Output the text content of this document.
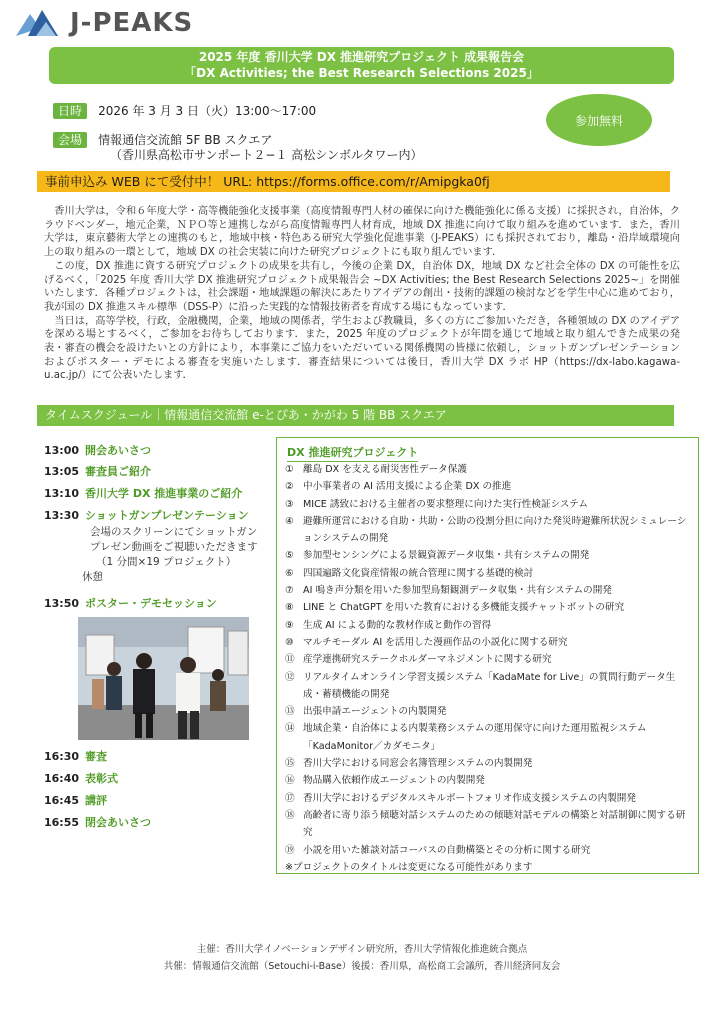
J-PEAKS
2025 年度 香川大学 DX 推進研究プロジェクト 成果報告会
「DX Activities; the Best Research Selections 2025」
日時 2026 年 3 月 3 日（火）13:00〜17:00
会場 情報通信交流館 5F BB スクエア
（香川県高松市サンポート２−１ 高松シンボルタワー内）
参加無料
事前申込み WEB にて受付中！ URL: https://forms.office.com/r/Amipgka0fj

香川大学は，令和６年度大学・高等機能強化支援事業（高度情報専門人材の確保に向けた機能強化に係る支援）に採択され，自治体，クラウドベンダー，地元企業，ＮＰＯ等と連携しながら高度情報専門人材育成，地域 DX 推進に向けて取り組みを進めています．また，香川大学は，東京藝術大学との連携のもと，地域中核・特色ある研究大学強化促進事業（J-PEAKS）にも採択されており，離島・沿岸域環境向上の取り組みの一環として，地域 DX の社会実装に向けた研究プロジェクトにも取り組んでいます．

この度，DX 推進に資する研究プロジェクトの成果を共有し，今後の企業 DX，自治体 DX，地域 DX など社会全体の DX の可能性を広げるべく，「2025 年度 香川大学 DX 推進研究プロジェクト成果報告会 ~DX Activities; the Best Research Selections 2025~」を開催いたします．各種プロジェクトは，社会課題・地域課題の解決にあたりアイデアの創出・技術的課題の検討などを学生中心に進めており，我が国の DX 推進スキル標準（DSS-P）に沿った実践的な情報技術者を育成する場にもなっています．

当日は，高等学校，行政，金融機関，企業，地域の関係者，学生および教職員，多くの方にご参加いただき，各種領域の DX のアイデアを深める場とするべく，ご参加をお待ちしております．また，2025 年度のプロジェクトが年間を通じて地域と取り組んできた成果の発表・審査の機会を設けたいとの方針により，本事業にご協力をいただいている関係機関の皆様に依頼し，ショットガンプレゼンテーションおよびポスター・デモによる審査を実施いたします．審査結果については後日，香川大学 DX ラボ HP（https://dx-labo.kagawa-u.ac.jp/）にて公表いたします．

タイムスクジュール｜情報通信交流館 e-とぴあ・かがわ 5 階 BB スクエア
13:00 開会あいさつ
13:05 審査員ご紹介
13:10 香川大学 DX 推進事業のご紹介
13:30 ショットガンプレゼンテーション
会場のスクリーンにてショットガン
プレゼン動画をご視聴いただきます
（1 分間×19 プロジェクト）
休憩
13:50 ポスター・デモセッション
16:30 審査
16:40 表彰式
16:45 講評
16:55 閉会あいさつ
DX 推進研究プロジェクト
① 離島 DX を支える耐災害性データ保護
② 中小事業者の AI 活用支援による企業 DX の推進
③ MICE 誘致における主催者の要求整理に向けた実行性検証システム
④ 避難所運営における自助・共助・公助の役割分担に向けた発災時避難所状況シミュレーションシステムの開発
⑤ 参加型センシングによる景観資源データ収集・共有システムの開発
⑥ 四国遍路文化資産情報の統合管理に関する基礎的検討
⑦ AI 鳴き声分類を用いた参加型鳥類観測データ収集・共有システムの開発
⑧ LINE と ChatGPT を用いた教育における多機能支援チャットボットの研究
⑨ 生成 AI による動的な教材作成と動作の習得
⑩ マルチモーダル AI を活用した漫画作品の小説化に関する研究
⑪ 産学連携研究ステークホルダーマネジメントに関する研究
⑫ リアルタイムオンライン学習支援システム「KadaMate for Live」の質問行動データ生成・蓄積機能の開発
⑬ 出張申請エージェントの内製開発
⑭ 地域企業・自治体による内製業務システムの運用保守に向けた運用監視システム 「KadaMonitor／カダモニタ」
⑮ 香川大学における同窓会名簿管理システムの内製開発
⑯ 物品購入依頼作成エージェントの内製開発
⑰ 香川大学におけるデジタルスキルポートフォリオ作成支援システムの内製開発
⑱ 高齢者に寄り添う傾聴対話システムのための傾聴対話モデルの構築と対話制御に関する研究
⑲ 小説を用いた雑談対話コーパスの自動構築とその分析に関する研究
※プロジェクトのタイトルは変更になる可能性があります
主催：香川大学イノベーションデザイン研究所，香川大学情報化推進統合拠点
共催：情報通信交流館（Setouchi-i-Base）後援：香川県，高松商工会議所，香川経済同友会
